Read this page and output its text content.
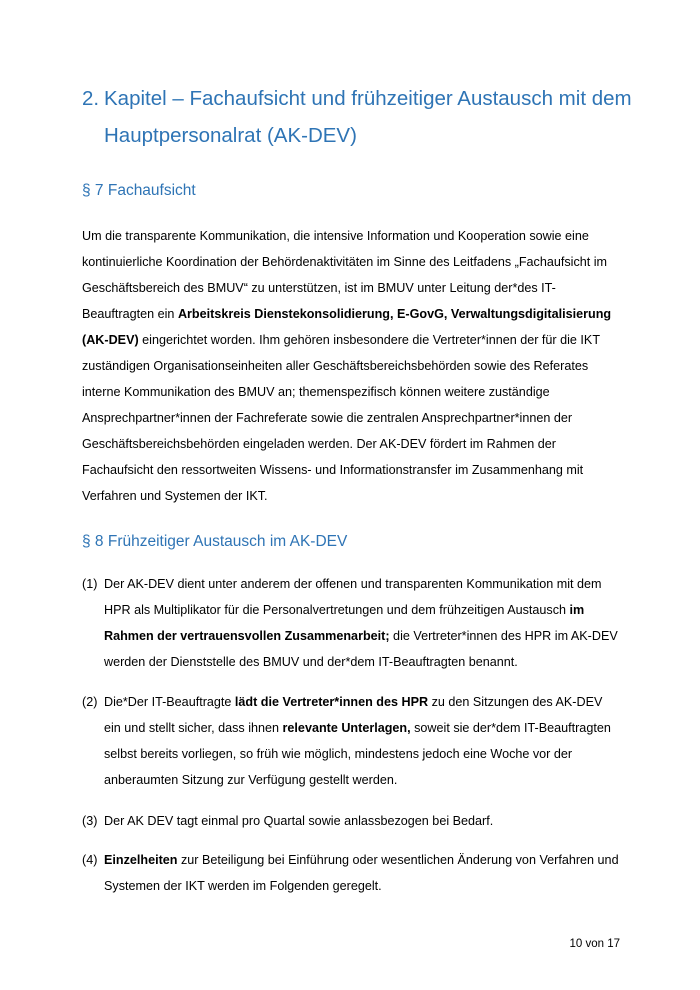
2. Kapitel – Fachaufsicht und frühzeitiger Austausch mit dem
Hauptpersonalrat (AK-DEV)
§ 7 Fachaufsicht
Um die transparente Kommunikation, die intensive Information und Kooperation sowie eine kontinuierliche Koordination der Behördenaktivitäten im Sinne des Leitfadens „Fachaufsicht im Geschäftsbereich des BMUV“ zu unterstützen, ist im BMUV unter Leitung der*des IT-Beauftragten ein Arbeitskreis Dienstekonsolidierung, E-GovG, Verwaltungsdigitalisierung (AK-DEV) eingerichtet worden. Ihm gehören insbesondere die Vertreter*innen der für die IKT zuständigen Organisationseinheiten aller Geschäftsbereichsbehörden sowie des Referates interne Kommunikation des BMUV an; themenspezifisch können weitere zuständige Ansprechpartner*innen der Fachreferate sowie die zentralen Ansprechpartner*innen der Geschäftsbereichsbehörden eingeladen werden. Der AK-DEV fördert im Rahmen der Fachaufsicht den ressortweiten Wissens- und Informationstransfer im Zusammenhang mit Verfahren und Systemen der IKT.
§ 8 Frühzeitiger Austausch im AK-DEV
(1) Der AK-DEV dient unter anderem der offenen und transparenten Kommunikation mit dem HPR als Multiplikator für die Personalvertretungen und dem frühzeitigen Austausch im Rahmen der vertrauensvollen Zusammenarbeit; die Vertreter*innen des HPR im AK-DEV werden der Dienststelle des BMUV und der*dem IT-Beauftragten benannt.
(2) Die*Der IT-Beauftragte lädt die Vertreter*innen des HPR zu den Sitzungen des AK-DEV ein und stellt sicher, dass ihnen relevante Unterlagen, soweit sie der*dem IT-Beauftragten selbst bereits vorliegen, so früh wie möglich, mindestens jedoch eine Woche vor der anberaumten Sitzung zur Verfügung gestellt werden.
(3) Der AK DEV tagt einmal pro Quartal sowie anlassbezogen bei Bedarf.
(4) Einzelheiten zur Beteiligung bei Einführung oder wesentlichen Änderung von Verfahren und Systemen der IKT werden im Folgenden geregelt.
10 von 17
